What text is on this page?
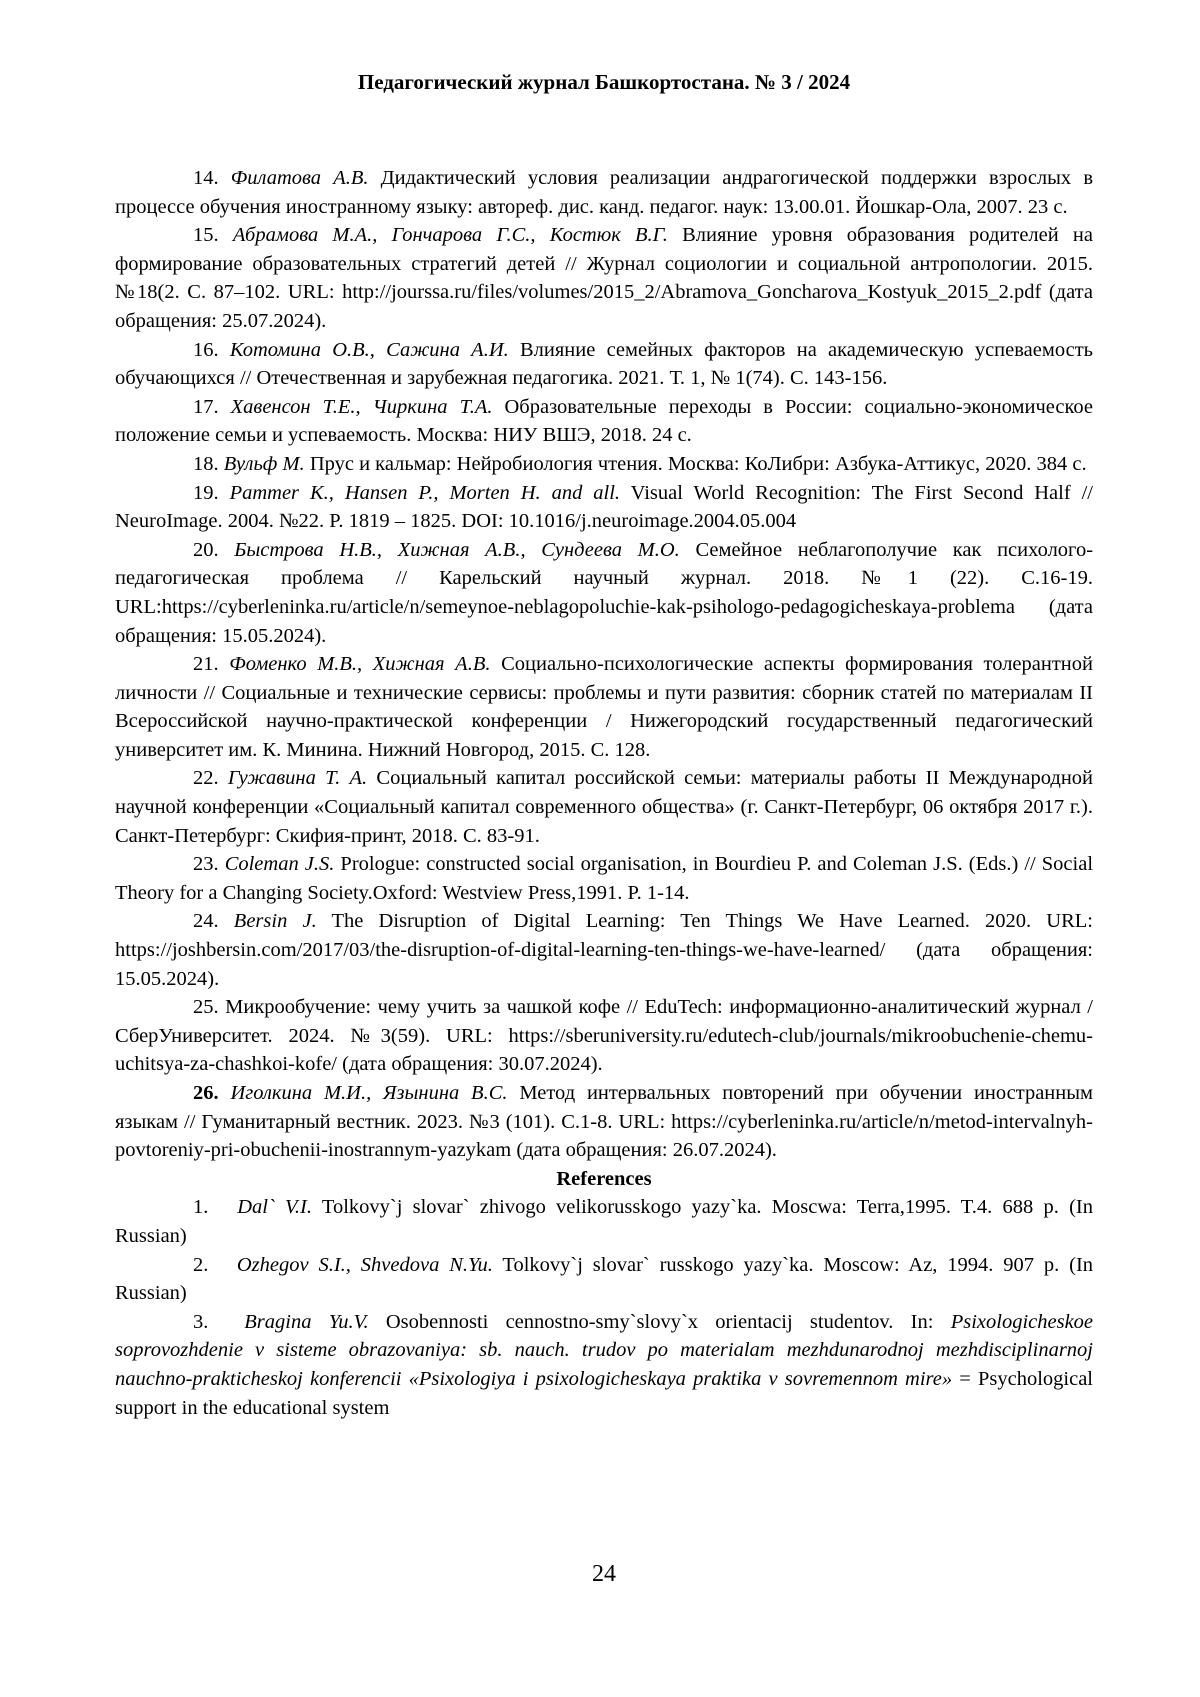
Педагогический журнал Башкортостана. № 3 / 2024

14. Филатова А.В. Дидактический условия реализации андрагогической поддержки взрослых в процессе обучения иностранному языку: автореф. дис. канд. педагог. наук: 13.00.01. Йошкар-Ола, 2007. 23 с.

15. Абрамова М.А., Гончарова Г.С., Костюк В.Г. Влияние уровня образования родителей на формирование образовательных стратегий детей // Журнал социологии и социальной антропологии. 2015. №18(2. С. 87–102. URL: http://jourssa.ru/files/volumes/2015_2/Abramova_Goncharova_Kostyuk_2015_2.pdf (дата обращения: 25.07.2024).

16. Котомина О.В., Сажина А.И. Влияние семейных факторов на академическую успеваемость обучающихся // Отечественная и зарубежная педагогика. 2021. Т. 1, № 1(74). С. 143-156.

17. Хавенсон Т.Е., Чиркина Т.А. Образовательные переходы в России: социально-экономическое положение семьи и успеваемость. Москва: НИУ ВШЭ, 2018. 24 с.

18. Вульф М. Прус и кальмар: Нейробиология чтения. Москва: КоЛибри: Азбука-Аттикус, 2020. 384 с.

19. Pammer K., Hansen P., Morten H. and all. Visual World Recognition: The First Second Half // NeuroImage. 2004. №22. P. 1819 – 1825. DOI: 10.1016/j.neuroimage.2004.05.004

20. Быстрова Н.В., Хижная А.В., Сундеева М.О. Семейное неблагополучие как психолого-педагогическая проблема // Карельский научный журнал. 2018. №1 (22). С.16-19. URL:https://cyberleninka.ru/article/n/semeynoe-neblagopoluchie-kak-psihologo-pedagogicheskaya-problema (дата обращения: 15.05.2024).

21. Фоменко М.В., Хижная А.В. Социально-психологические аспекты формирования толерантной личности // Социальные и технические сервисы: проблемы и пути развития: сборник статей по материалам II Всероссийской научно-практической конференции / Нижегородский государственный педагогический университет им. К. Минина. Нижний Новгород, 2015. С. 128.

22. Гужавина Т. А. Социальный капитал российской семьи: материалы работы II Международной научной конференции «Социальный капитал современного общества» (г. Санкт-Петербург, 06 октября 2017 г.). Санкт-Петербург: Скифия-принт, 2018. С. 83-91.

23. Coleman J.S. Prologue: constructed social organisation, in Bourdieu P. and Coleman J.S. (Eds.) // Social Theory for a Changing Society.Oxford: Westview Press,1991. P. 1-14.

24. Bersin J. The Disruption of Digital Learning: Ten Things We Have Learned. 2020. URL: https://joshbersin.com/2017/03/the-disruption-of-digital-learning-ten-things-we-have-learned/ (дата обращения: 15.05.2024).

25. Микрообучение: чему учить за чашкой кофе // EduTech: информационно-аналитический журнал / СберУниверситет. 2024. №3(59). URL: https://sberuniversity.ru/edutech-club/journals/mikroobuchenie-chemu-uchitsya-za-chashkoi-kofe/ (дата обращения: 30.07.2024).

26. Иголкина М.И., Язынина В.С. Метод интервальных повторений при обучении иностранным языкам // Гуманитарный вестник. 2023. №3 (101). С.1-8. URL: https://cyberleninka.ru/article/n/metod-intervalnyh-povtoreniy-pri-obuchenii-inostrannym-yazykam (дата обращения: 26.07.2024).

References

1. Dal` V.I. Tolkovy`j slovar` zhivogo velikorusskogo yazy`ka. Moscwa: Terra,1995. T.4. 688 p. (In Russian)

2. Ozhegov S.I., Shvedova N.Yu. Tolkovy`j slovar` russkogo yazy`ka. Moscow: Az, 1994. 907 p. (In Russian)

3. Bragina Yu.V. Osobennosti cennostno-smy`slovy`x orientacij studentov. In: Psixologicheskoe soprovozhdenie v sisteme obrazovaniya: sb. nauch. trudov po materialam mezhdunarodnoj mezhdisciplinarnoj nauchno-prakticheskoj konferencii «Psixologiya i psixologicheskaya praktika v sovremennom mire» = Psychological support in the educational system

24
